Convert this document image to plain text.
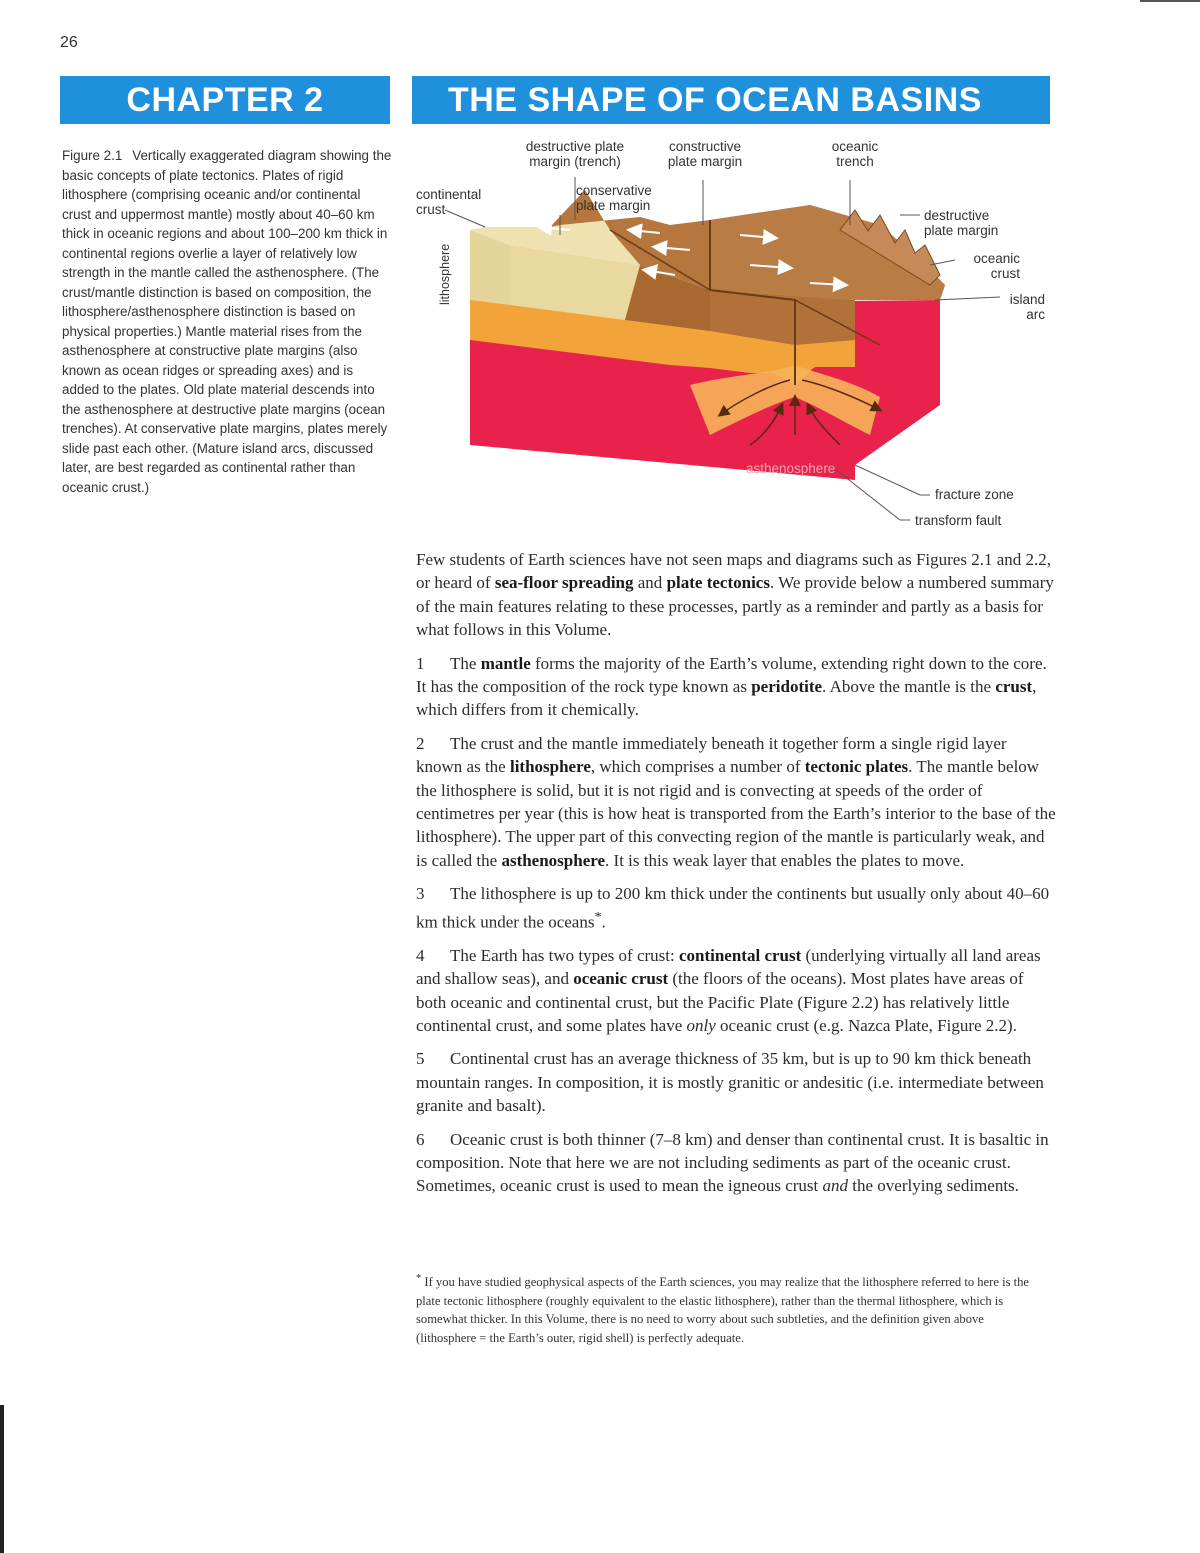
26
CHAPTER 2	THE SHAPE OF OCEAN BASINS
Figure 2.1 Vertically exaggerated diagram showing the basic concepts of plate tectonics. Plates of rigid lithosphere (comprising oceanic and/or continental crust and uppermost mantle) mostly about 40–60 km thick in oceanic regions and about 100–200 km thick in continental regions overlie a layer of relatively low strength in the mantle called the asthenosphere. (The crust/mantle distinction is based on composition, the lithosphere/asthenosphere distinction is based on physical properties.) Mantle material rises from the asthenosphere at constructive plate margins (also known as ocean ridges or spreading axes) and is added to the plates. Old plate material descends into the asthenosphere at destructive plate margins (ocean trenches). At conservative plate margins, plates merely slide past each other. (Mature island arcs, discussed later, are best regarded as continental rather than oceanic crust.)
destructive plate
margin (trench)
constructive
plate margin
oceanic
trench
continental
crust
conservative
plate margin
destructive
plate margin
oceanic
crust
island
arc
lithosphere
asthenosphere
fracture zone
transform fault

Few students of Earth sciences have not seen maps and diagrams such as Figures 2.1 and 2.2, or heard of sea-floor spreading and plate tectonics. We provide below a numbered summary of the main features relating to these processes, partly as a reminder and partly as a basis for what follows in this Volume.

1 The mantle forms the majority of the Earth’s volume, extending right down to the core. It has the composition of the rock type known as peridotite. Above the mantle is the crust, which differs from it chemically.

2 The crust and the mantle immediately beneath it together form a single rigid layer known as the lithosphere, which comprises a number of tectonic plates. The mantle below the lithosphere is solid, but it is not rigid and is convecting at speeds of the order of centimetres per year (this is how heat is transported from the Earth’s interior to the base of the lithosphere). The upper part of this convecting region of the mantle is particularly weak, and is called the asthenosphere. It is this weak layer that enables the plates to move.

3 The lithosphere is up to 200 km thick under the continents but usually only about 40–60 km thick under the oceans*.

4 The Earth has two types of crust: continental crust (underlying virtually all land areas and shallow seas), and oceanic crust (the floors of the oceans). Most plates have areas of both oceanic and continental crust, but the Pacific Plate (Figure 2.2) has relatively little continental crust, and some plates have only oceanic crust (e.g. Nazca Plate, Figure 2.2).

5 Continental crust has an average thickness of 35 km, but is up to 90 km thick beneath mountain ranges. In composition, it is mostly granitic or andesitic (i.e. intermediate between granite and basalt).

6 Oceanic crust is both thinner (7–8 km) and denser than continental crust. It is basaltic in composition. Note that here we are not including sediments as part of the oceanic crust. Sometimes, oceanic crust is used to mean the igneous crust and the overlying sediments.

* If you have studied geophysical aspects of the Earth sciences, you may realize that the lithosphere referred to here is the plate tectonic lithosphere (roughly equivalent to the elastic lithosphere), rather than the thermal lithosphere, which is somewhat thicker. In this Volume, there is no need to worry about such subtleties, and the definition given above (lithosphere = the Earth’s outer, rigid shell) is perfectly adequate.
